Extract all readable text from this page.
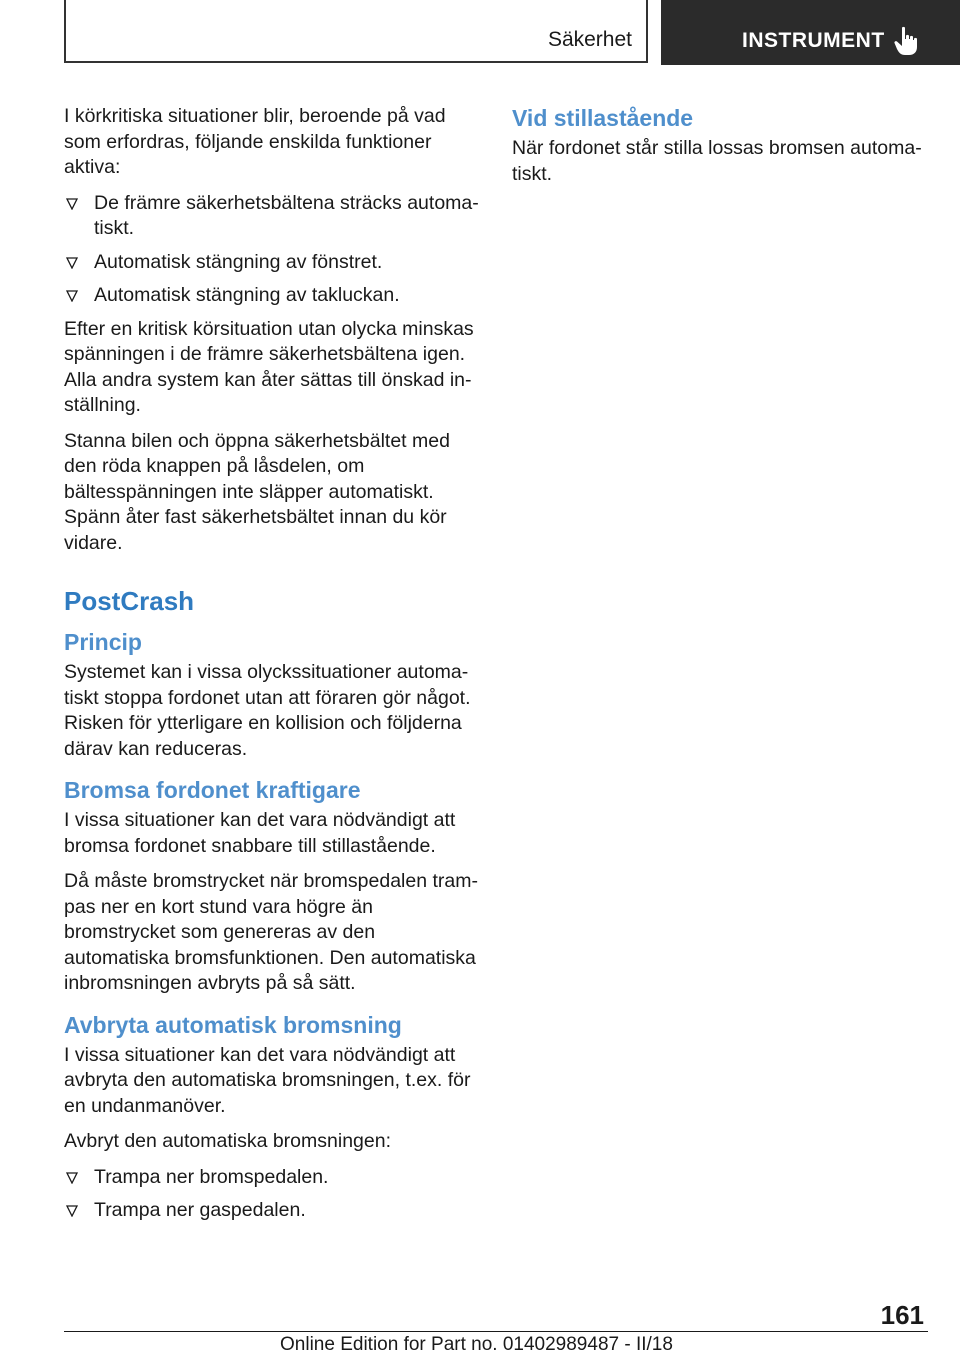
Säkerhet	INSTRUMENT

I körkritiska situationer blir, beroende på vad som erfordras, följande enskilda funktioner aktiva:

De främre säkerhetsbältena sträcks automatiskt.
Automatisk stängning av fönstret.
Automatisk stängning av takluckan.

Efter en kritisk körsituation utan olycka minskas spänningen i de främre säkerhetsbältena igen. Alla andra system kan åter sättas till önskad inställning.

Stanna bilen och öppna säkerhetsbältet med den röda knappen på låsdelen, om bältesspänningen inte släpper automatiskt. Spänn åter fast säkerhetsbältet innan du kör vidare.

PostCrash
Princip

Systemet kan i vissa olyckssituationer automatiskt stoppa fordonet utan att föraren gör något. Risken för ytterligare en kollision och följderna därav kan reduceras.

Bromsa fordonet kraftigare

I vissa situationer kan det vara nödvändigt att bromsa fordonet snabbare till stillastående.

Då måste bromstrycket när bromspedalen trampas ner en kort stund vara högre än bromstrycket som genereras av den automatiska bromsfunktionen. Den automatiska inbromsningen avbryts på så sätt.

Avbryta automatisk bromsning

I vissa situationer kan det vara nödvändigt att avbryta den automatiska bromsningen, t.ex. för en undanmanöver.

Avbryt den automatiska bromsningen:

Trampa ner bromspedalen.
Trampa ner gaspedalen.
Vid stillastående

När fordonet står stilla lossas bromsen automatiskt.

161
Online Edition for Part no. 01402989487 - II/18
